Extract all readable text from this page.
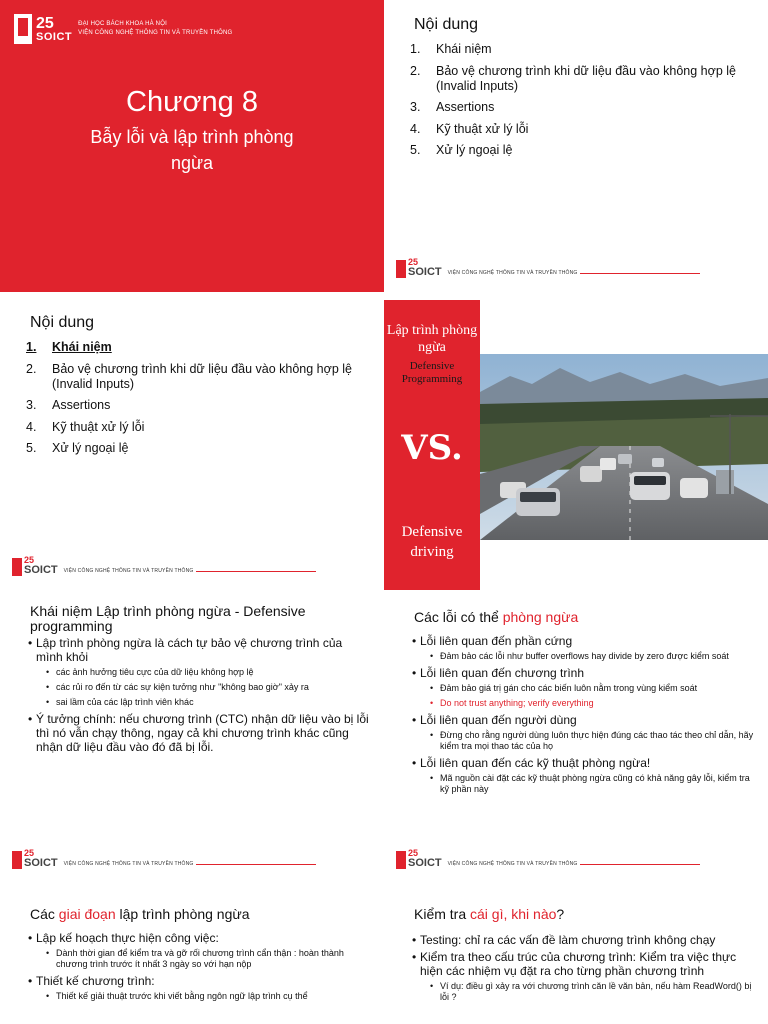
25
SOICT
ĐẠI HỌC BÁCH KHOA HÀ NỘI
VIỆN CÔNG NGHỆ THÔNG TIN VÀ TRUYỀN THÔNG
Chương 8
Bẫy lỗi và lập trình phòng ngừa
Nội dung
1.	Khái niệm
2.	Bảo vệ chương trình khi dữ liệu đầu vào không hợp lệ (Invalid Inputs)
3.	Assertions
4.	Kỹ thuật xử lý lỗi
5.	Xử lý ngoại lệ
25
SOICT VIỆN CÔNG NGHỆ THÔNG TIN VÀ TRUYỀN THÔNG
Nội dung
1.	Khái niệm
2.	Bảo vệ chương trình khi dữ liệu đầu vào không hợp lệ (Invalid Inputs)
3.	Assertions
4.	Kỹ thuật xử lý lỗi
5.	Xử lý ngoại lệ
25
SOICT VIỆN CÔNG NGHỆ THÔNG TIN VÀ TRUYỀN THÔNG
Lập trình phòng ngừa
Defensive Programming
VS.
Defensive driving
Khái niệm Lập trình phòng ngừa - Defensive programming
• Lập trình phòng ngừa là cách tự bảo vệ chương trình của mình khỏi
• các ảnh hưởng tiêu cực của dữ liệu không hợp lệ
• các rủi ro đến từ các sự kiện tưởng như "không bao giờ" xảy ra
• sai lầm của các lập trình viên khác
• Ý tưởng chính: nếu chương trình (CTC) nhận dữ liệu vào bị lỗi thì nó vẫn chạy thông, ngay cả khi chương trình khác cũng nhận dữ liệu đầu vào đó đã bị lỗi.
25
SOICT VIỆN CÔNG NGHỆ THÔNG TIN VÀ TRUYỀN THÔNG
Các lỗi có thể phòng ngừa
• Lỗi liên quan đến phần cứng
• Đảm bảo các lỗi như buffer overflows hay divide by zero được kiểm soát
• Lỗi liên quan đến chương trình
• Đảm bảo giá trị gán cho các biến luôn nằm trong vùng kiểm soát
• Do not trust anything; verify everything
• Lỗi liên quan đến người dùng
• Đừng cho rằng người dùng luôn thực hiện đúng các thao tác theo chỉ dẫn, hãy kiểm tra mọi thao tác của họ
• Lỗi liên quan đến các kỹ thuật phòng ngừa!
• Mã nguồn cài đặt các kỹ thuật phòng ngừa cũng có khả năng gây lỗi, kiểm tra kỹ phần này
25
SOICT VIỆN CÔNG NGHỆ THÔNG TIN VÀ TRUYỀN THÔNG
Các giai đoạn lập trình phòng ngừa
• Lập kế hoạch thực hiện công việc:
• Dành thời gian để kiểm tra và gỡ rối chương trình cẩn thận : hoàn thành chương trình trước ít nhất 3 ngày so với hạn nộp
• Thiết kế chương trình:
• Thiết kế giải thuật trước khi viết bằng ngôn ngữ lập trình cụ thể
Kiểm tra cái gì, khi nào?
• Testing: chỉ ra các vấn đề làm chương trình không chạy
• Kiểm tra theo cấu trúc của chương trình: Kiểm tra việc thực hiện các nhiệm vụ đặt ra cho từng phần chương trình
• Ví dụ: điều gì xảy ra với chương trình căn lề văn bản, nếu hàm ReadWord() bị lỗi ?
